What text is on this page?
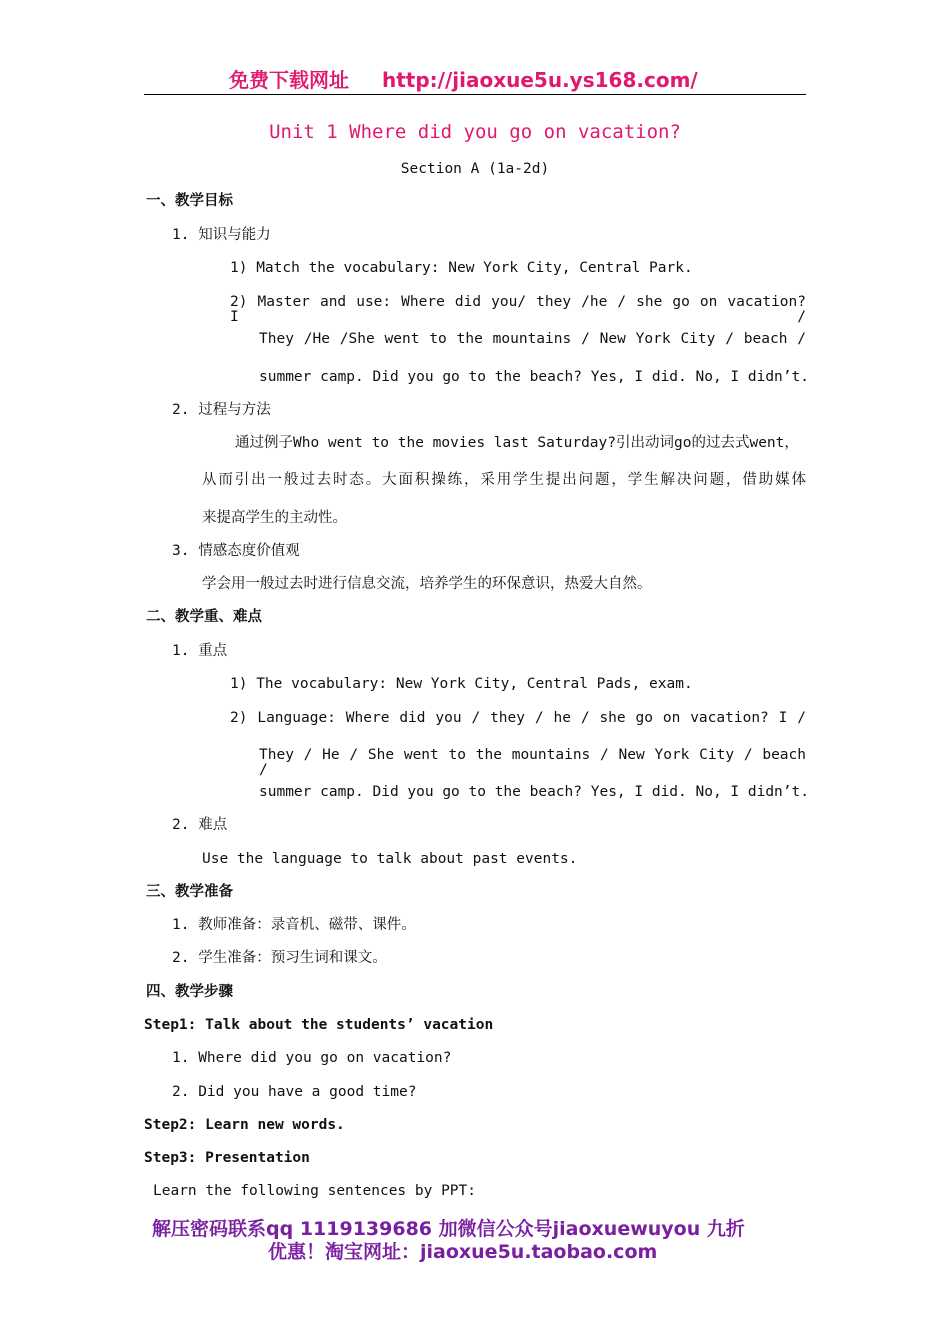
免费下载网址 http://jiaoxue5u.ys168.com/
Unit 1 Where did you go on vacation?
Section A (1a-2d)
一、教学目标
1. 知识与能力
1) Match the vocabulary: New York City, Central Park.
2) Master and use: Where did you/ they /he / she go on vacation? I /
They /He /She went to the mountains / New York City / beach /
summer camp. Did you go to the beach? Yes, I did. No, I didn’t.
2. 过程与方法
通过例子Who went to the movies last Saturday?引出动词go的过去式went，
从而引出一般过去时态。大面积操练，采用学生提出问题，学生解决问题，借助媒体
来提高学生的主动性。
3. 情感态度价值观
学会用一般过去时进行信息交流，培养学生的环保意识，热爱大自然。
二、教学重、难点
1. 重点
1) The vocabulary: New York City, Central Pads, exam.
2) Language: Where did you / they / he / she go on vacation? I /
They / He / She went to the mountains / New York City / beach /
summer camp. Did you go to the beach? Yes, I did. No, I didn’t.
2. 难点
Use the language to talk about past events.
三、教学准备
1. 教师准备：录音机、磁带、课件。
2. 学生准备：预习生词和课文。
四、教学步骤
Step1: Talk about the students’ vacation
1. Where did you go on vacation?
2. Did you have a good time?
Step2: Learn new words.
Step3: Presentation
Learn the following sentences by PPT:
解压密码联系qq 1119139686 加微信公众号jiaoxuewuyou 九折
优惠！淘宝网址：jiaoxue5u.taobao.com
